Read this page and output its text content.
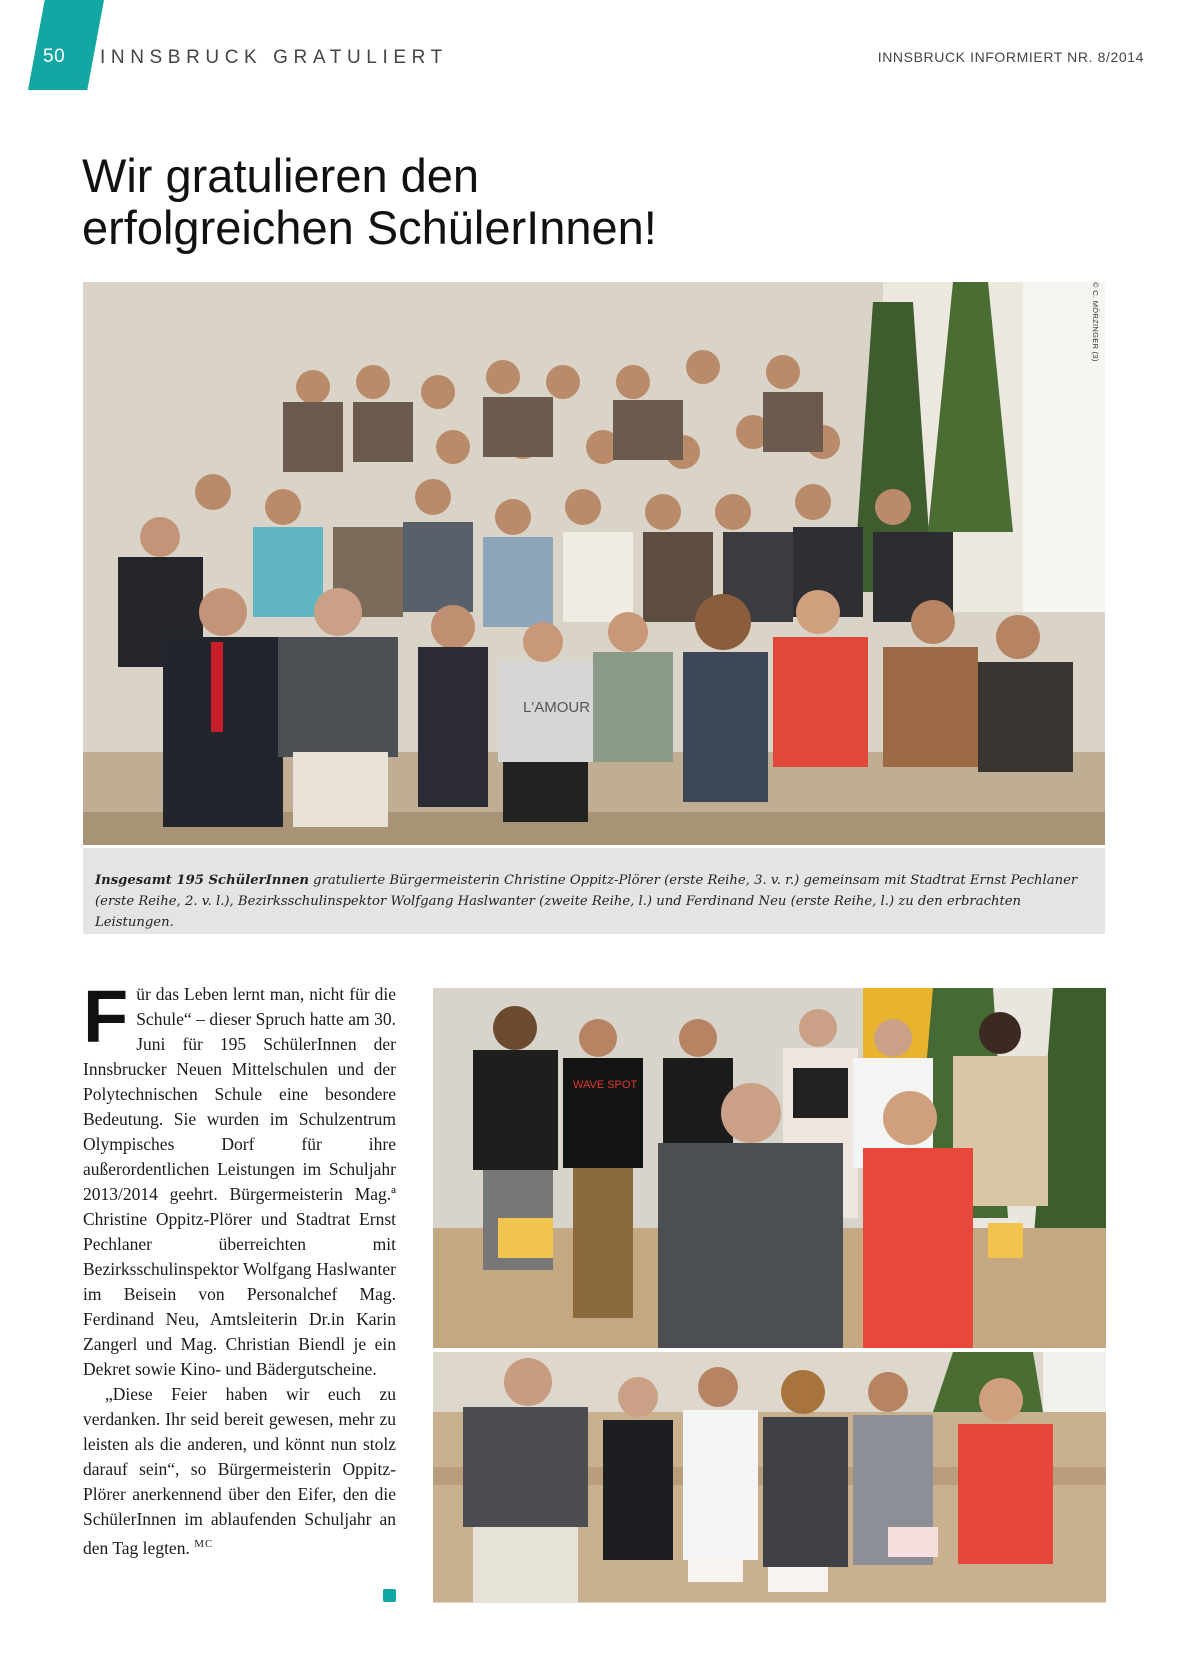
50 INNSBRUCK GRATULIERT	INNSBRUCK INFORMIERT NR. 8/2014
Wir gratulieren den
erfolgreichen SchülerInnen!
L'AMOUR
© C. MÖRZINGER (3)
Insgesamt 195 SchülerInnen gratulierte Bürgermeisterin Christine Oppitz-Plörer (erste Reihe, 3. v. r.) gemeinsam mit Stadtrat Ernst Pechlaner (erste Reihe, 2. v. l.), Bezirksschulinspektor Wolfgang Haslwanter (zweite Reihe, l.) und Ferdinand Neu (erste Reihe, l.) zu den erbrachten Leistungen.

Für das Leben lernt man, nicht für die Schule“ – dieser Spruch hatte am 30. Juni für 195 SchülerInnen der Innsbrucker Neuen Mittelschulen und der Polytechnischen Schule eine besondere Bedeutung. Sie wurden im Schulzentrum Olympisches Dorf für ihre außerordentlichen Leistungen im Schuljahr 2013/2014 geehrt. Bürgermeisterin Mag.ª Christine Oppitz-Plörer und Stadtrat Ernst Pechlaner überreichten mit Bezirksschulinspektor Wolfgang Haslwanter im Beisein von Personalchef Mag. Ferdinand Neu, Amtsleiterin Dr.in Karin Zangerl und Mag. Christian Biendl je ein Dekret sowie Kino- und Bädergutscheine.

„Diese Feier haben wir euch zu verdanken. Ihr seid bereit gewesen, mehr zu leisten als die anderen, und könnt nun stolz darauf sein“, so Bürgermeisterin Oppitz-Plörer anerkennend über den Eifer, den die SchülerInnen im ablaufenden Schuljahr an den Tag legten. $^{MC}$

WAVE SPOT
